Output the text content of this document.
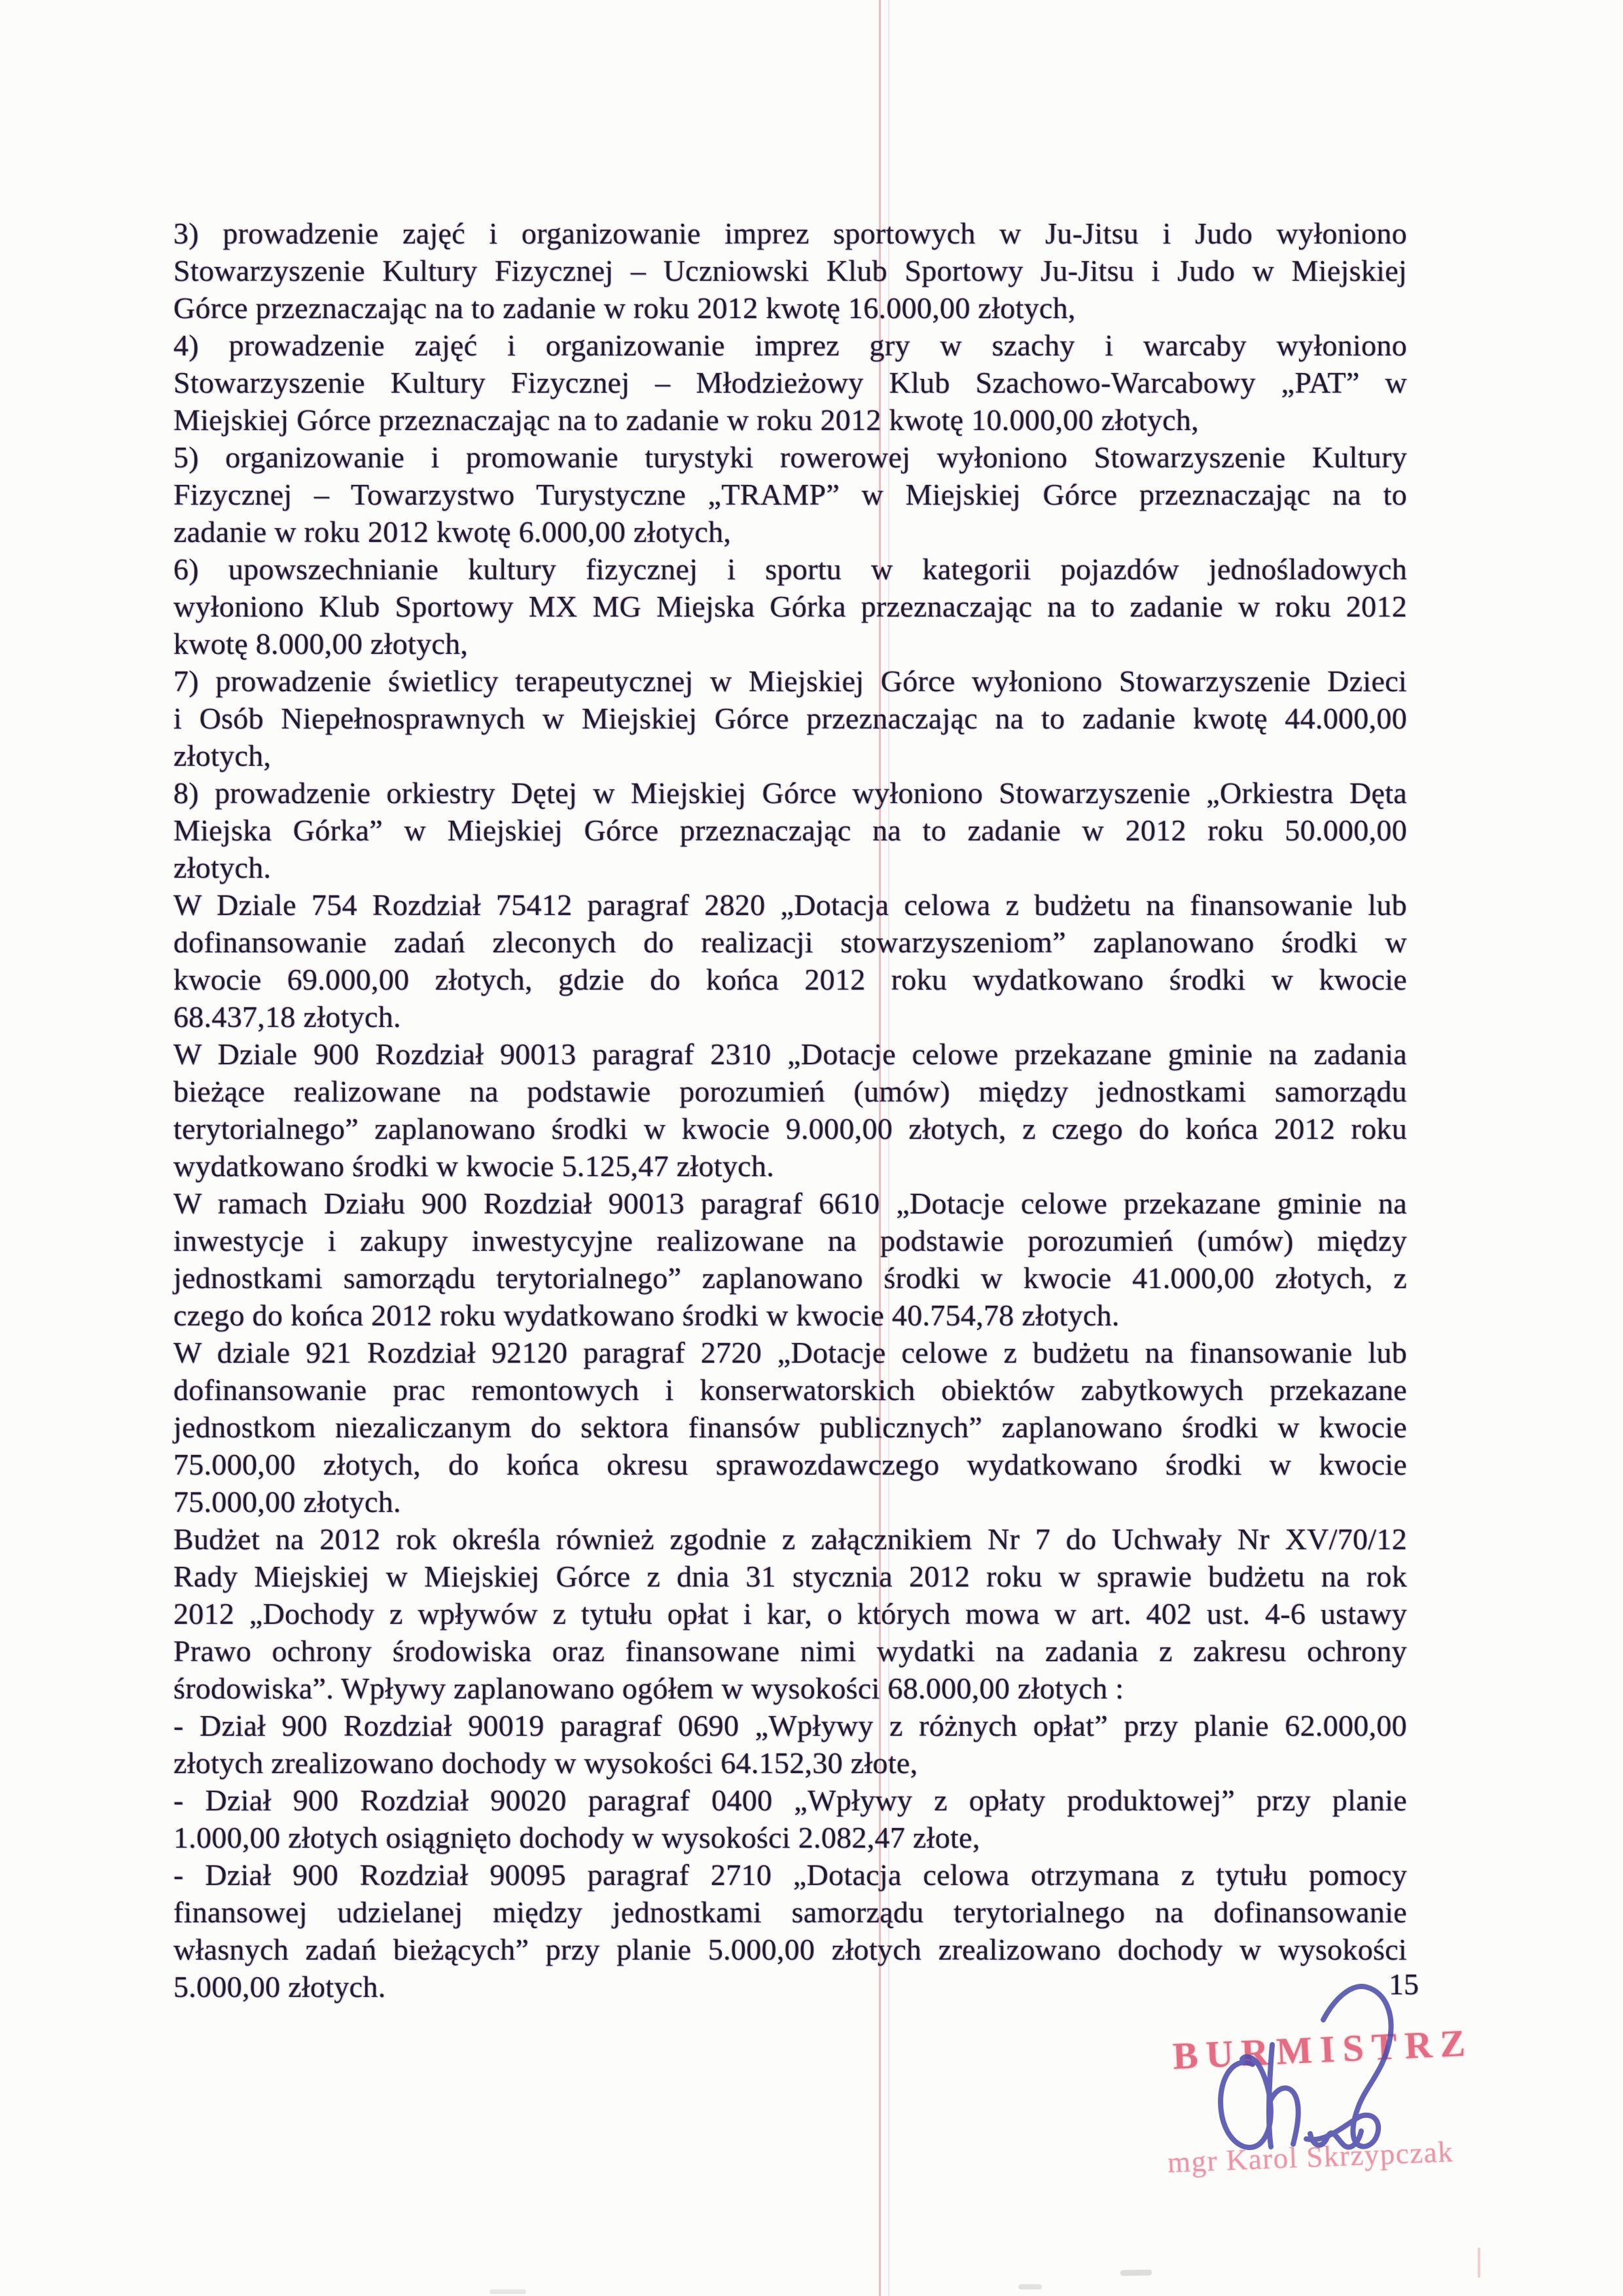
3) prowadzenie zajęć i organizowanie imprez sportowych w Ju-Jitsu i Judo wyłoniono
Stowarzyszenie Kultury Fizycznej – Uczniowski Klub Sportowy Ju-Jitsu i Judo w Miejskiej
Górce przeznaczając na to zadanie w roku 2012 kwotę 16.000,00 złotych,
4) prowadzenie zajęć i organizowanie imprez gry w szachy i warcaby wyłoniono
Stowarzyszenie Kultury Fizycznej – Młodzieżowy Klub Szachowo-Warcabowy „PAT” w
Miejskiej Górce przeznaczając na to zadanie w roku 2012 kwotę 10.000,00 złotych,
5) organizowanie i promowanie turystyki rowerowej wyłoniono Stowarzyszenie Kultury
Fizycznej – Towarzystwo Turystyczne „TRAMP” w Miejskiej Górce przeznaczając na to
zadanie w roku 2012 kwotę 6.000,00 złotych,
6) upowszechnianie kultury fizycznej i sportu w kategorii pojazdów jednośladowych
wyłoniono Klub Sportowy MX MG Miejska Górka przeznaczając na to zadanie w roku 2012
kwotę 8.000,00 złotych,
7) prowadzenie świetlicy terapeutycznej w Miejskiej Górce wyłoniono Stowarzyszenie Dzieci
i Osób Niepełnosprawnych w Miejskiej Górce przeznaczając na to zadanie kwotę 44.000,00
złotych,
8) prowadzenie orkiestry Dętej w Miejskiej Górce wyłoniono Stowarzyszenie „Orkiestra Dęta
Miejska Górka” w Miejskiej Górce przeznaczając na to zadanie w 2012 roku 50.000,00
złotych.
W Dziale 754 Rozdział 75412 paragraf 2820 „Dotacja celowa z budżetu na finansowanie lub
dofinansowanie zadań zleconych do realizacji stowarzyszeniom” zaplanowano środki w
kwocie 69.000,00 złotych, gdzie do końca 2012 roku wydatkowano środki w kwocie
68.437,18 złotych.
W Dziale 900 Rozdział 90013 paragraf 2310 „Dotacje celowe przekazane gminie na zadania
bieżące realizowane na podstawie porozumień (umów) między jednostkami samorządu
terytorialnego” zaplanowano środki w kwocie 9.000,00 złotych, z czego do końca 2012 roku
wydatkowano środki w kwocie 5.125,47 złotych.
W ramach Działu 900 Rozdział 90013 paragraf 6610 „Dotacje celowe przekazane gminie na
inwestycje i zakupy inwestycyjne realizowane na podstawie porozumień (umów) między
jednostkami samorządu terytorialnego” zaplanowano środki w kwocie 41.000,00 złotych, z
czego do końca 2012 roku wydatkowano środki w kwocie 40.754,78 złotych.
W dziale 921 Rozdział 92120 paragraf 2720 „Dotacje celowe z budżetu na finansowanie lub
dofinansowanie prac remontowych i konserwatorskich obiektów zabytkowych przekazane
jednostkom niezaliczanym do sektora finansów publicznych” zaplanowano środki w kwocie
75.000,00 złotych, do końca okresu sprawozdawczego wydatkowano środki w kwocie
75.000,00 złotych.
Budżet na 2012 rok określa również zgodnie z załącznikiem Nr 7 do Uchwały Nr XV/70/12
Rady Miejskiej w Miejskiej Górce z dnia 31 stycznia 2012 roku w sprawie budżetu na rok
2012 „Dochody z wpływów z tytułu opłat i kar, o których mowa w art. 402 ust. 4-6 ustawy
Prawo ochrony środowiska oraz finansowane nimi wydatki na zadania z zakresu ochrony
środowiska”. Wpływy zaplanowano ogółem w wysokości 68.000,00 złotych :
- Dział 900 Rozdział 90019 paragraf 0690 „Wpływy z różnych opłat” przy planie 62.000,00
złotych zrealizowano dochody w wysokości 64.152,30 złote,
- Dział 900 Rozdział 90020 paragraf 0400 „Wpływy z opłaty produktowej” przy planie
1.000,00 złotych osiągnięto dochody w wysokości 2.082,47 złote,
- Dział 900 Rozdział 90095 paragraf 2710 „Dotacja celowa otrzymana z tytułu pomocy
finansowej udzielanej między jednostkami samorządu terytorialnego na dofinansowanie
własnych zadań bieżących” przy planie 5.000,00 złotych zrealizowano dochody w wysokości
5.000,00 złotych.	15
BURMISTRZ
mgr Karol Skrzypczak
